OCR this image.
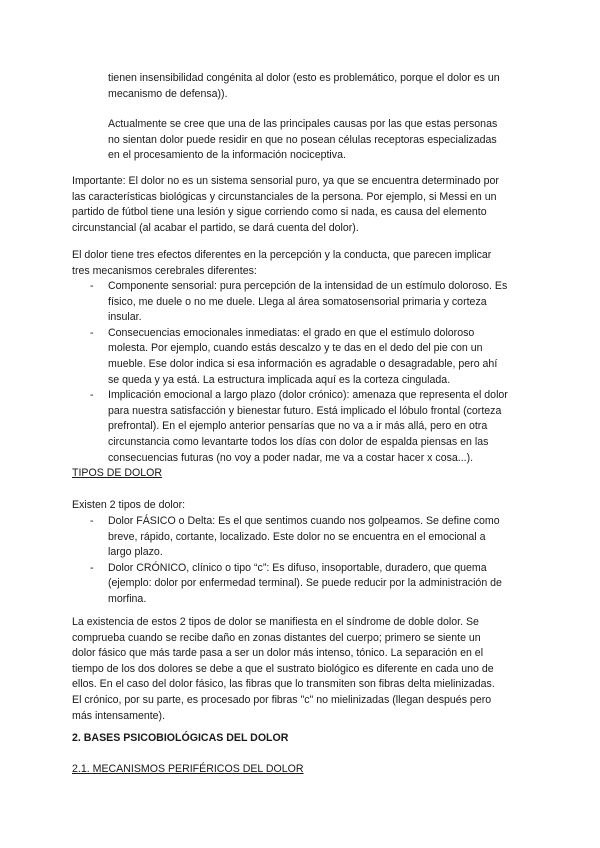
tienen insensibilidad congénita al dolor (esto es problemático, porque el dolor es un
mecanismo de defensa)).
Actualmente se cree que una de las principales causas por las que estas personas
no sientan dolor puede residir en que no posean células receptoras especializadas
en el procesamiento de la información nociceptiva.
Importante: El dolor no es un sistema sensorial puro, ya que se encuentra determinado por
las características biológicas y circunstanciales de la persona. Por ejemplo, si Messi en un
partido de fútbol tiene una lesión y sigue corriendo como si nada, es causa del elemento
circunstancial (al acabar el partido, se dará cuenta del dolor).
El dolor tiene tres efectos diferentes en la percepción y la conducta, que parecen implicar
tres mecanismos cerebrales diferentes:
- Componente sensorial: pura percepción de la intensidad de un estímulo doloroso. Es
físico, me duele o no me duele. Llega al área somatosensorial primaria y corteza
insular.
- Consecuencias emocionales inmediatas: el grado en que el estímulo doloroso
molesta. Por ejemplo, cuando estás descalzo y te das en el dedo del pie con un
mueble. Ese dolor indica si esa información es agradable o desagradable, pero ahí
se queda y ya está. La estructura implicada aquí es la corteza cingulada.
- Implicación emocional a largo plazo (dolor crónico): amenaza que representa el dolor
para nuestra satisfacción y bienestar futuro. Está implicado el lóbulo frontal (corteza
prefrontal). En el ejemplo anterior pensarías que no va a ir más allá, pero en otra
circunstancia como levantarte todos los días con dolor de espalda piensas en las
consecuencias futuras (no voy a poder nadar, me va a costar hacer x cosa...).
TIPOS DE DOLOR
Existen 2 tipos de dolor:
- Dolor FÁSICO o Delta: Es el que sentimos cuando nos golpeamos. Se define como
breve, rápido, cortante, localizado. Este dolor no se encuentra en el emocional a
largo plazo.
- Dolor CRÓNICO, clínico o tipo “c”: Es difuso, insoportable, duradero, que quema
(ejemplo: dolor por enfermedad terminal). Se puede reducir por la administración de
morfina.
La existencia de estos 2 tipos de dolor se manifiesta en el síndrome de doble dolor. Se
comprueba cuando se recibe daño en zonas distantes del cuerpo; primero se siente un
dolor fásico que más tarde pasa a ser un dolor más intenso, tónico. La separación en el
tiempo de los dos dolores se debe a que el sustrato biológico es diferente en cada uno de
ellos. En el caso del dolor fásico, las fibras que lo transmiten son fibras delta mielinizadas.
El crónico, por su parte, es procesado por fibras "c" no mielinizadas (llegan después pero
más intensamente).
2. BASES PSICOBIOLÓGICAS DEL DOLOR
2.1. MECANISMOS PERIFÉRICOS DEL DOLOR
